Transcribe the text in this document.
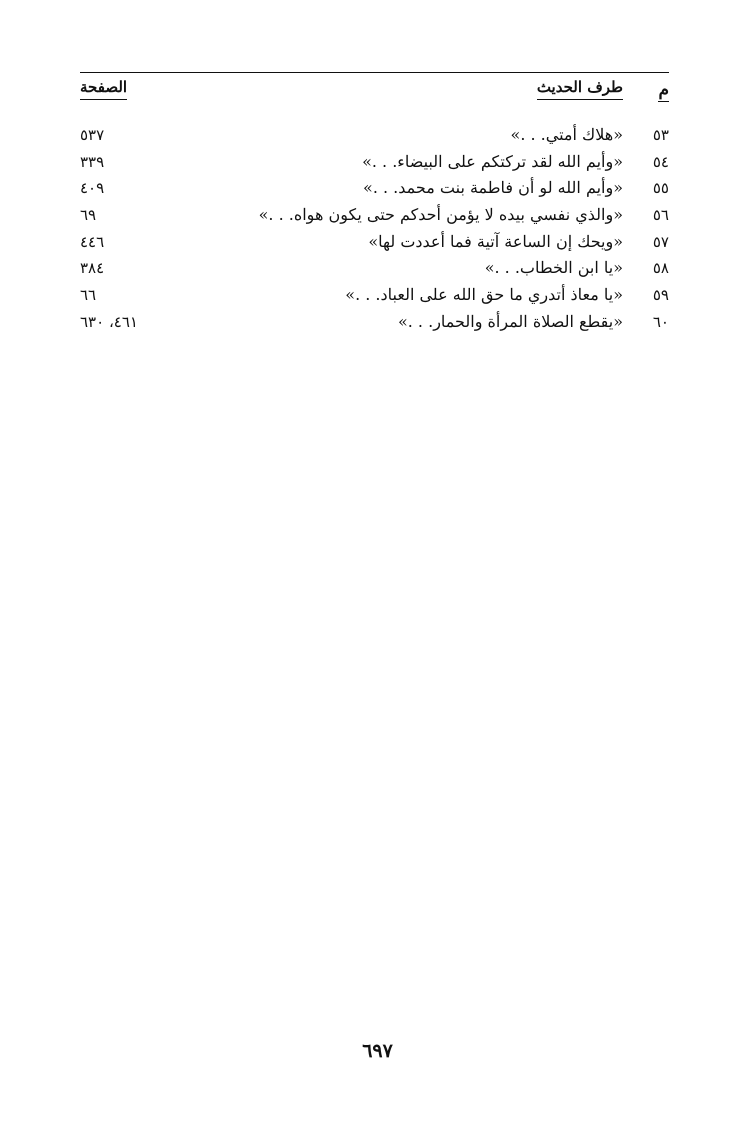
م
طرف الحديث
الصفحة
٥٣
«هلاك أمتي. . .»
٥٣٧
٥٤
«وأيم الله لقد تركتكم على البيضاء. . .»
٣٣٩
٥٥
«وأيم الله لو أن فاطمة بنت محمد. . .»
٤٠٩
٥٦
«والذي نفسي بيده لا يؤمن أحدكم حتى يكون هواه. . .»
٦٩
٥٧
«ويحك إن الساعة آتية فما أعددت لها»
٤٤٦
٥٨
«يا ابن الخطاب. . .»
٣٨٤
٥٩
«يا معاذ أتدري ما حق الله على العباد. . .»
٦٦
٦٠
«يقطع الصلاة المرأة والحمار. . .»
٤٦١، ٦٣٠
٦٩٧
